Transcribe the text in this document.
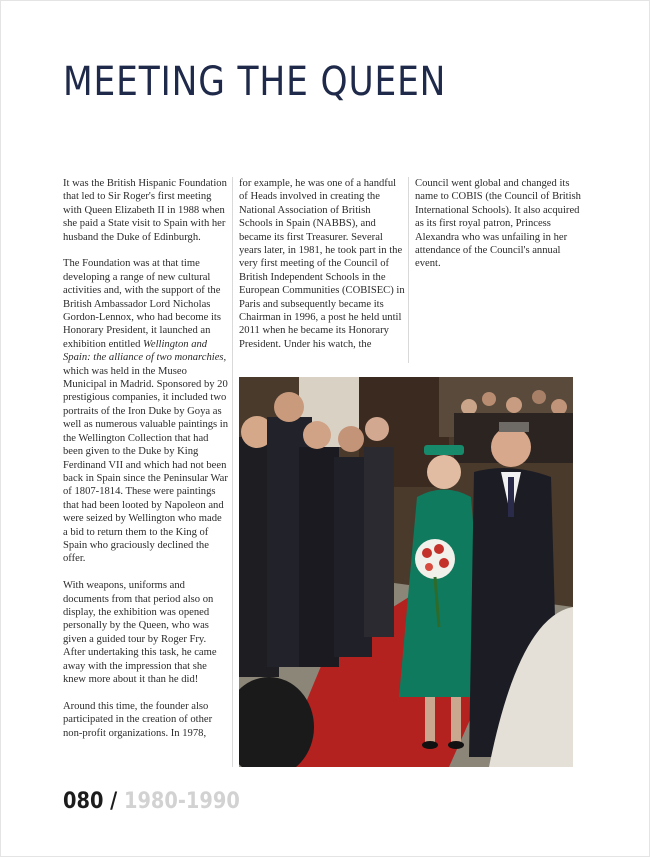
MEETING THE QUEEN

It was the British Hispanic Foundation that led to Sir Roger's first meeting with Queen Elizabeth II in 1988 when she paid a State visit to Spain with her husband the Duke of Edinburgh.

The Foundation was at that time developing a range of new cultural activities and, with the support of the British Ambassador Lord Nicholas Gordon-Lennox, who had become its Honorary President, it launched an exhibition entitled Wellington and Spain: the alliance of two monarchies, which was held in the Museo Municipal in Madrid. Sponsored by 20 prestigious companies, it included two portraits of the Iron Duke by Goya as well as numerous valuable paintings in the Wellington Collection that had been given to the Duke by King Ferdinand VII and which had not been back in Spain since the Peninsular War of 1807-1814. These were paintings that had been looted by Napoleon and were seized by Wellington who made a bid to return them to the King of Spain who graciously declined the offer.

With weapons, uniforms and documents from that period also on display, the exhibition was opened personally by the Queen, who was given a guided tour by Roger Fry. After undertaking this task, he came away with the impression that she knew more about it than he did!

Around this time, the founder also participated in the creation of other non-profit organizations. In 1978,

for example, he was one of a handful of Heads involved in creating the National Association of British Schools in Spain (NABBS), and became its first Treasurer. Several years later, in 1981, he took part in the very first meeting of the Council of British Independent Schools in the European Communities (COBISEC) in Paris and subsequently became its Chairman in 1996, a post he held until 2011 when he became its Honorary President. Under his watch, the

Council went global and changed its name to COBIS (the Council of British International Schools). It also acquired as its first royal patron, Princess Alexandra who was unfailing in her attendance of the Council's annual event.

080 / 1980-1990
